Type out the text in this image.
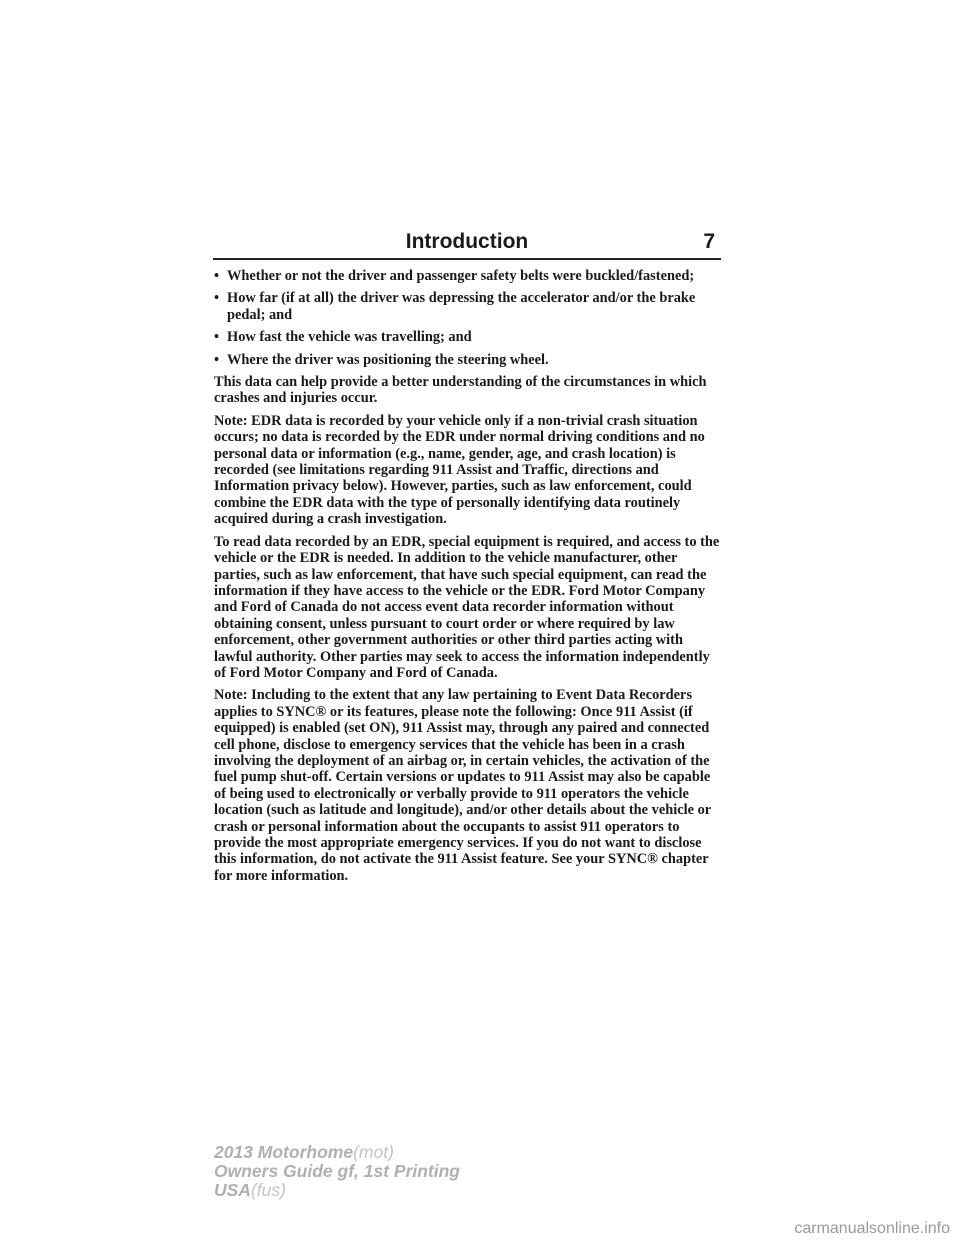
Introduction	7
• Whether or not the driver and passenger safety belts were buckled/fastened;
• How far (if at all) the driver was depressing the accelerator and/or the brake pedal; and
• How fast the vehicle was travelling; and
• Where the driver was positioning the steering wheel.

This data can help provide a better understanding of the circumstances in which crashes and injuries occur.

Note: EDR data is recorded by your vehicle only if a non-trivial crash situation occurs; no data is recorded by the EDR under normal driving conditions and no personal data or information (e.g., name, gender, age, and crash location) is recorded (see limitations regarding 911 Assist and Traffic, directions and Information privacy below). However, parties, such as law enforcement, could combine the EDR data with the type of personally identifying data routinely acquired during a crash investigation.

To read data recorded by an EDR, special equipment is required, and access to the vehicle or the EDR is needed. In addition to the vehicle manufacturer, other parties, such as law enforcement, that have such special equipment, can read the information if they have access to the vehicle or the EDR. Ford Motor Company and Ford of Canada do not access event data recorder information without obtaining consent, unless pursuant to court order or where required by law enforcement, other government authorities or other third parties acting with lawful authority. Other parties may seek to access the information independently of Ford Motor Company and Ford of Canada.

Note: Including to the extent that any law pertaining to Event Data Recorders applies to SYNC® or its features, please note the following: Once 911 Assist (if equipped) is enabled (set ON), 911 Assist may, through any paired and connected cell phone, disclose to emergency services that the vehicle has been in a crash involving the deployment of an airbag or, in certain vehicles, the activation of the fuel pump shut-off. Certain versions or updates to 911 Assist may also be capable of being used to electronically or verbally provide to 911 operators the vehicle location (such as latitude and longitude), and/or other details about the vehicle or crash or personal information about the occupants to assist 911 operators to provide the most appropriate emergency services. If you do not want to disclose this information, do not activate the 911 Assist feature. See your SYNC® chapter for more information.

2013 Motorhome(mot)
Owners Guide gf, 1st Printing
USA(fus)
carmanualsonline.info
